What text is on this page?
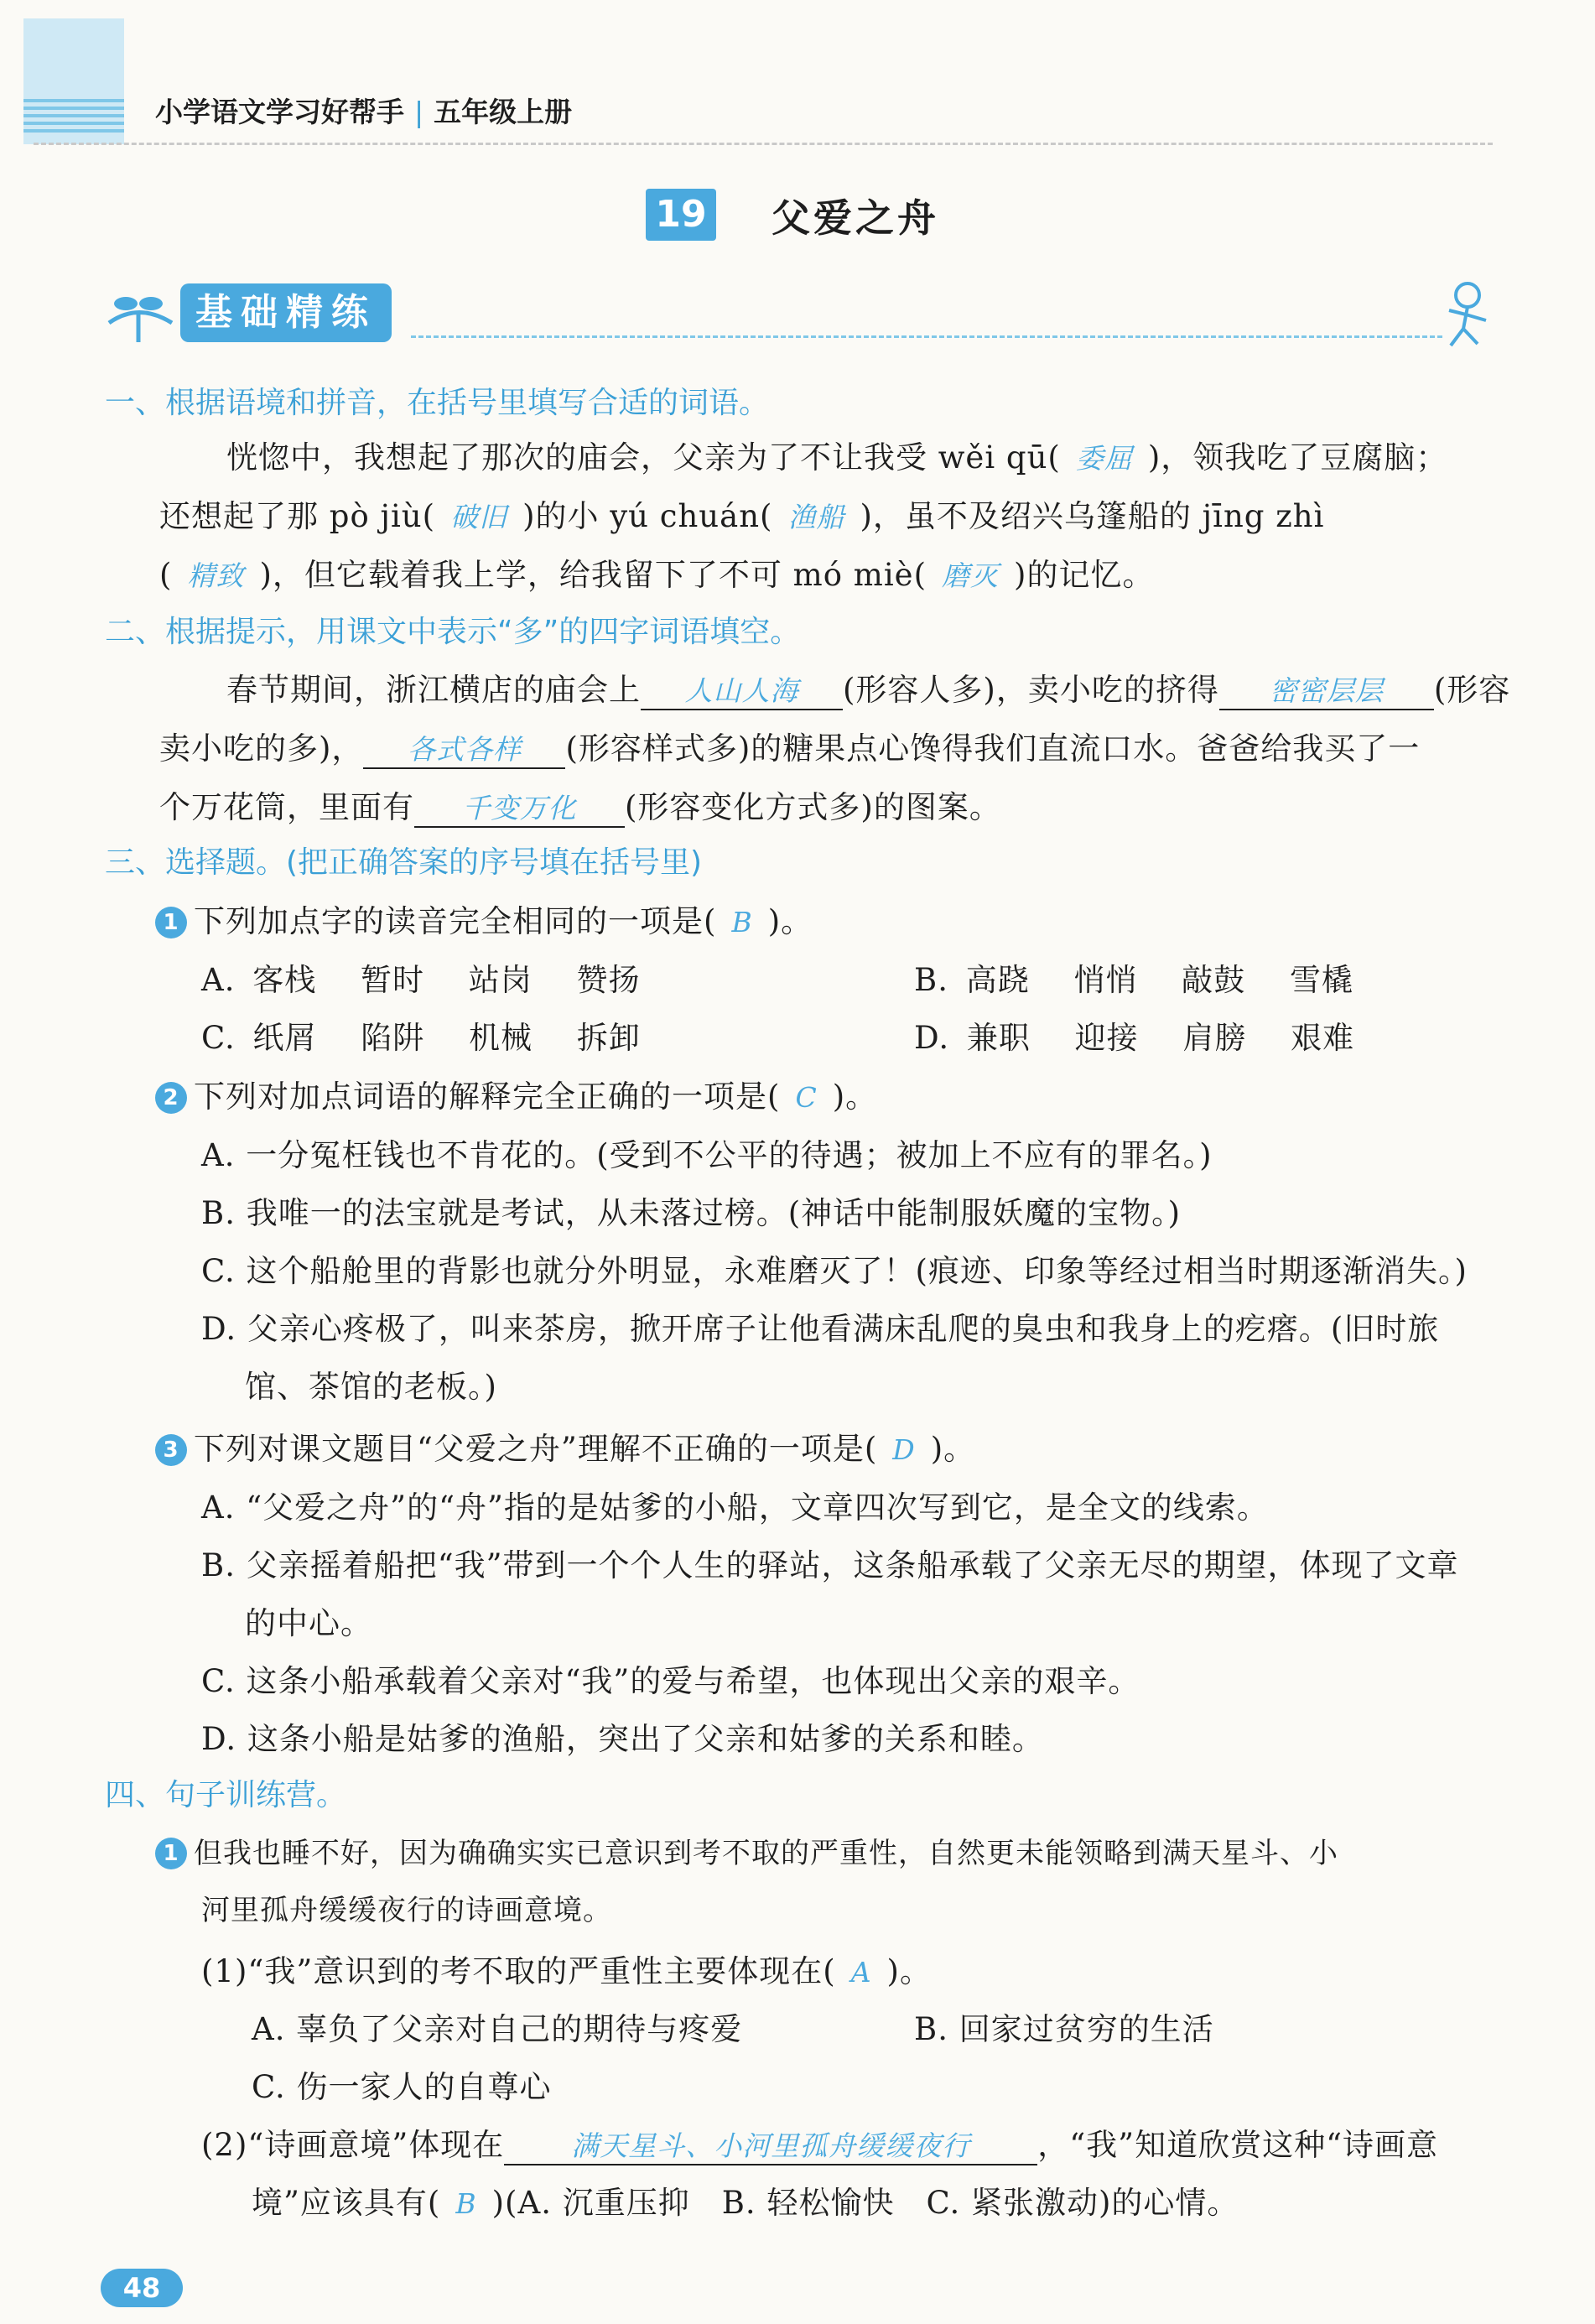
小学语文学习好帮手 | 五年级上册
19 父爱之舟
基础精练
一、根据语境和拼音，在括号里填写合适的词语。
恍惚中，我想起了那次的庙会，父亲为了不让我受 wěi qū( 委屈 )，领我吃了豆腐脑；
还想起了那 pò jiù( 破旧 )的小 yú chuán( 渔船 )，虽不及绍兴乌篷船的 jīng zhì
( 精致 )，但它载着我上学，给我留下了不可 mó miè( 磨灭 )的记忆。
二、根据提示，用课文中表示“多”的四字词语填空。
春节期间，浙江横店的庙会上 人山人海 (形容人多)，卖小吃的挤得 密密层层 (形容
卖小吃的多)， 各式各样 (形容样式多)的糖果点心馋得我们直流口水。爸爸给我买了一
个万花筒，里面有 千变万化 (形容变化方式多)的图案。
三、选择题。(把正确答案的序号填在括号里)
1 下列加点字的读音完全相同的一项是( B )。
A. 客栈 暂时 站岗 赞扬	B. 高跷 悄悄 敲鼓 雪橇
C. 纸屑 陷阱 机械 拆卸	D. 兼职 迎接 肩膀 艰难
2 下列对加点词语的解释完全正确的一项是( C )。
A. 一分冤枉钱也不肯花的。(受到不公平的待遇；被加上不应有的罪名。)
B. 我唯一的法宝就是考试，从未落过榜。(神话中能制服妖魔的宝物。)
C. 这个船舱里的背影也就分外明显，永难磨灭了！(痕迹、印象等经过相当时期逐渐消失。)
D. 父亲心疼极了，叫来茶房，掀开席子让他看满床乱爬的臭虫和我身上的疙瘩。(旧时旅
馆、茶馆的老板。)
3 下列对课文题目“父爱之舟”理解不正确的一项是( D )。
A. “父爱之舟”的“舟”指的是姑爹的小船，文章四次写到它，是全文的线索。
B. 父亲摇着船把“我”带到一个个人生的驿站，这条船承载了父亲无尽的期望，体现了文章
的中心。
C. 这条小船承载着父亲对“我”的爱与希望，也体现出父亲的艰辛。
D. 这条小船是姑爹的渔船，突出了父亲和姑爹的关系和睦。
四、句子训练营。
1 但我也睡不好，因为确确实实已意识到考不取的严重性，自然更未能领略到满天星斗、小
河里孤舟缓缓夜行的诗画意境。
(1)“我”意识到的考不取的严重性主要体现在( A )。
A. 辜负了父亲对自己的期待与疼爱	B. 回家过贫穷的生活
C. 伤一家人的自尊心
(2)“诗画意境”体现在 满天星斗、小河里孤舟缓缓夜行 ，“我”知道欣赏这种“诗画意
境”应该具有( B )(A. 沉重压抑　B. 轻松愉快　C. 紧张激动)的心情。
48
